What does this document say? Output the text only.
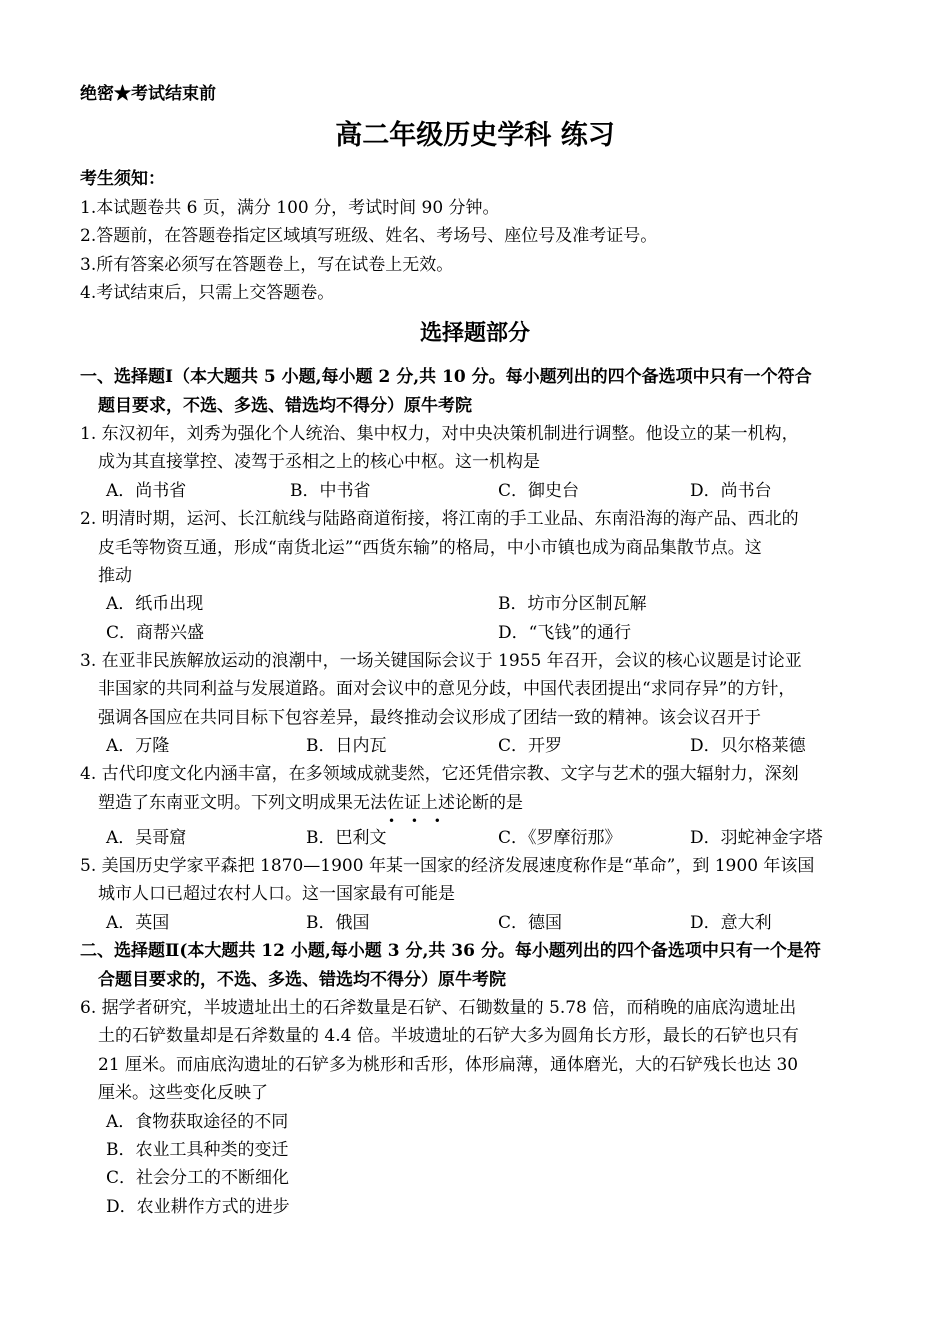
绝密★考试结束前
高二年级历史学科 练习
考生须知：
1.本试题卷共 6 页，满分 100 分，考试时间 90 分钟。
2.答题前，在答题卷指定区域填写班级、姓名、考场号、座位号及准考证号。
3.所有答案必须写在答题卷上，写在试卷上无效。
4.考试结束后，只需上交答题卷。
选择题部分
一、选择题Ⅰ（本大题共 5 小题,每小题 2 分,共 10 分。每小题列出的四个备选项中只有一个符合
题目要求，不选、多选、错选均不得分）原牛考院
1. 东汉初年，刘秀为强化个人统治、集中权力，对中央决策机制进行调整。他设立的某一机构，
成为其直接掌控、凌驾于丞相之上的核心中枢。这一机构是
A．尚书省	B．中书省	C．御史台	D．尚书台
2. 明清时期，运河、长江航线与陆路商道衔接，将江南的手工业品、东南沿海的海产品、西北的
皮毛等物资互通，形成“南货北运”“西货东输”的格局，中小市镇也成为商品集散节点。这
推动
A．纸币出现	B．坊市分区制瓦解
C．商帮兴盛	D．“飞钱”的通行
3. 在亚非民族解放运动的浪潮中，一场关键国际会议于 1955 年召开，会议的核心议题是讨论亚
非国家的共同利益与发展道路。面对会议中的意见分歧，中国代表团提出“求同存异”的方针，
强调各国应在共同目标下包容差异，最终推动会议形成了团结一致的精神。该会议召开于
A．万隆	B．日内瓦	C．开罗	D．贝尔格莱德
4. 古代印度文化内涵丰富，在多领域成就斐然，它还凭借宗教、文字与艺术的强大辐射力，深刻
塑造了东南亚文明。下列文明成果无法佐证上述论断的是
• • •
A．吴哥窟	B．巴利文	C．《罗摩衍那》	D．羽蛇神金字塔
5. 美国历史学家平森把 1870—1900 年某一国家的经济发展速度称作是“革命”，到 1900 年该国
城市人口已超过农村人口。这一国家最有可能是
A．英国	B．俄国	C．德国	D．意大利
二、选择题Ⅱ(本大题共 12 小题,每小题 3 分,共 36 分。每小题列出的四个备选项中只有一个是符
合题目要求的，不选、多选、错选均不得分）原牛考院
6. 据学者研究，半坡遗址出土的石斧数量是石铲、石锄数量的 5.78 倍，而稍晚的庙底沟遗址出
土的石铲数量却是石斧数量的 4.4 倍。半坡遗址的石铲大多为圆角长方形，最长的石铲也只有
21 厘米。而庙底沟遗址的石铲多为桃形和舌形，体形扁薄，通体磨光，大的石铲残长也达 30
厘米。这些变化反映了
A．食物获取途径的不同
B．农业工具种类的变迁
C．社会分工的不断细化
D．农业耕作方式的进步
